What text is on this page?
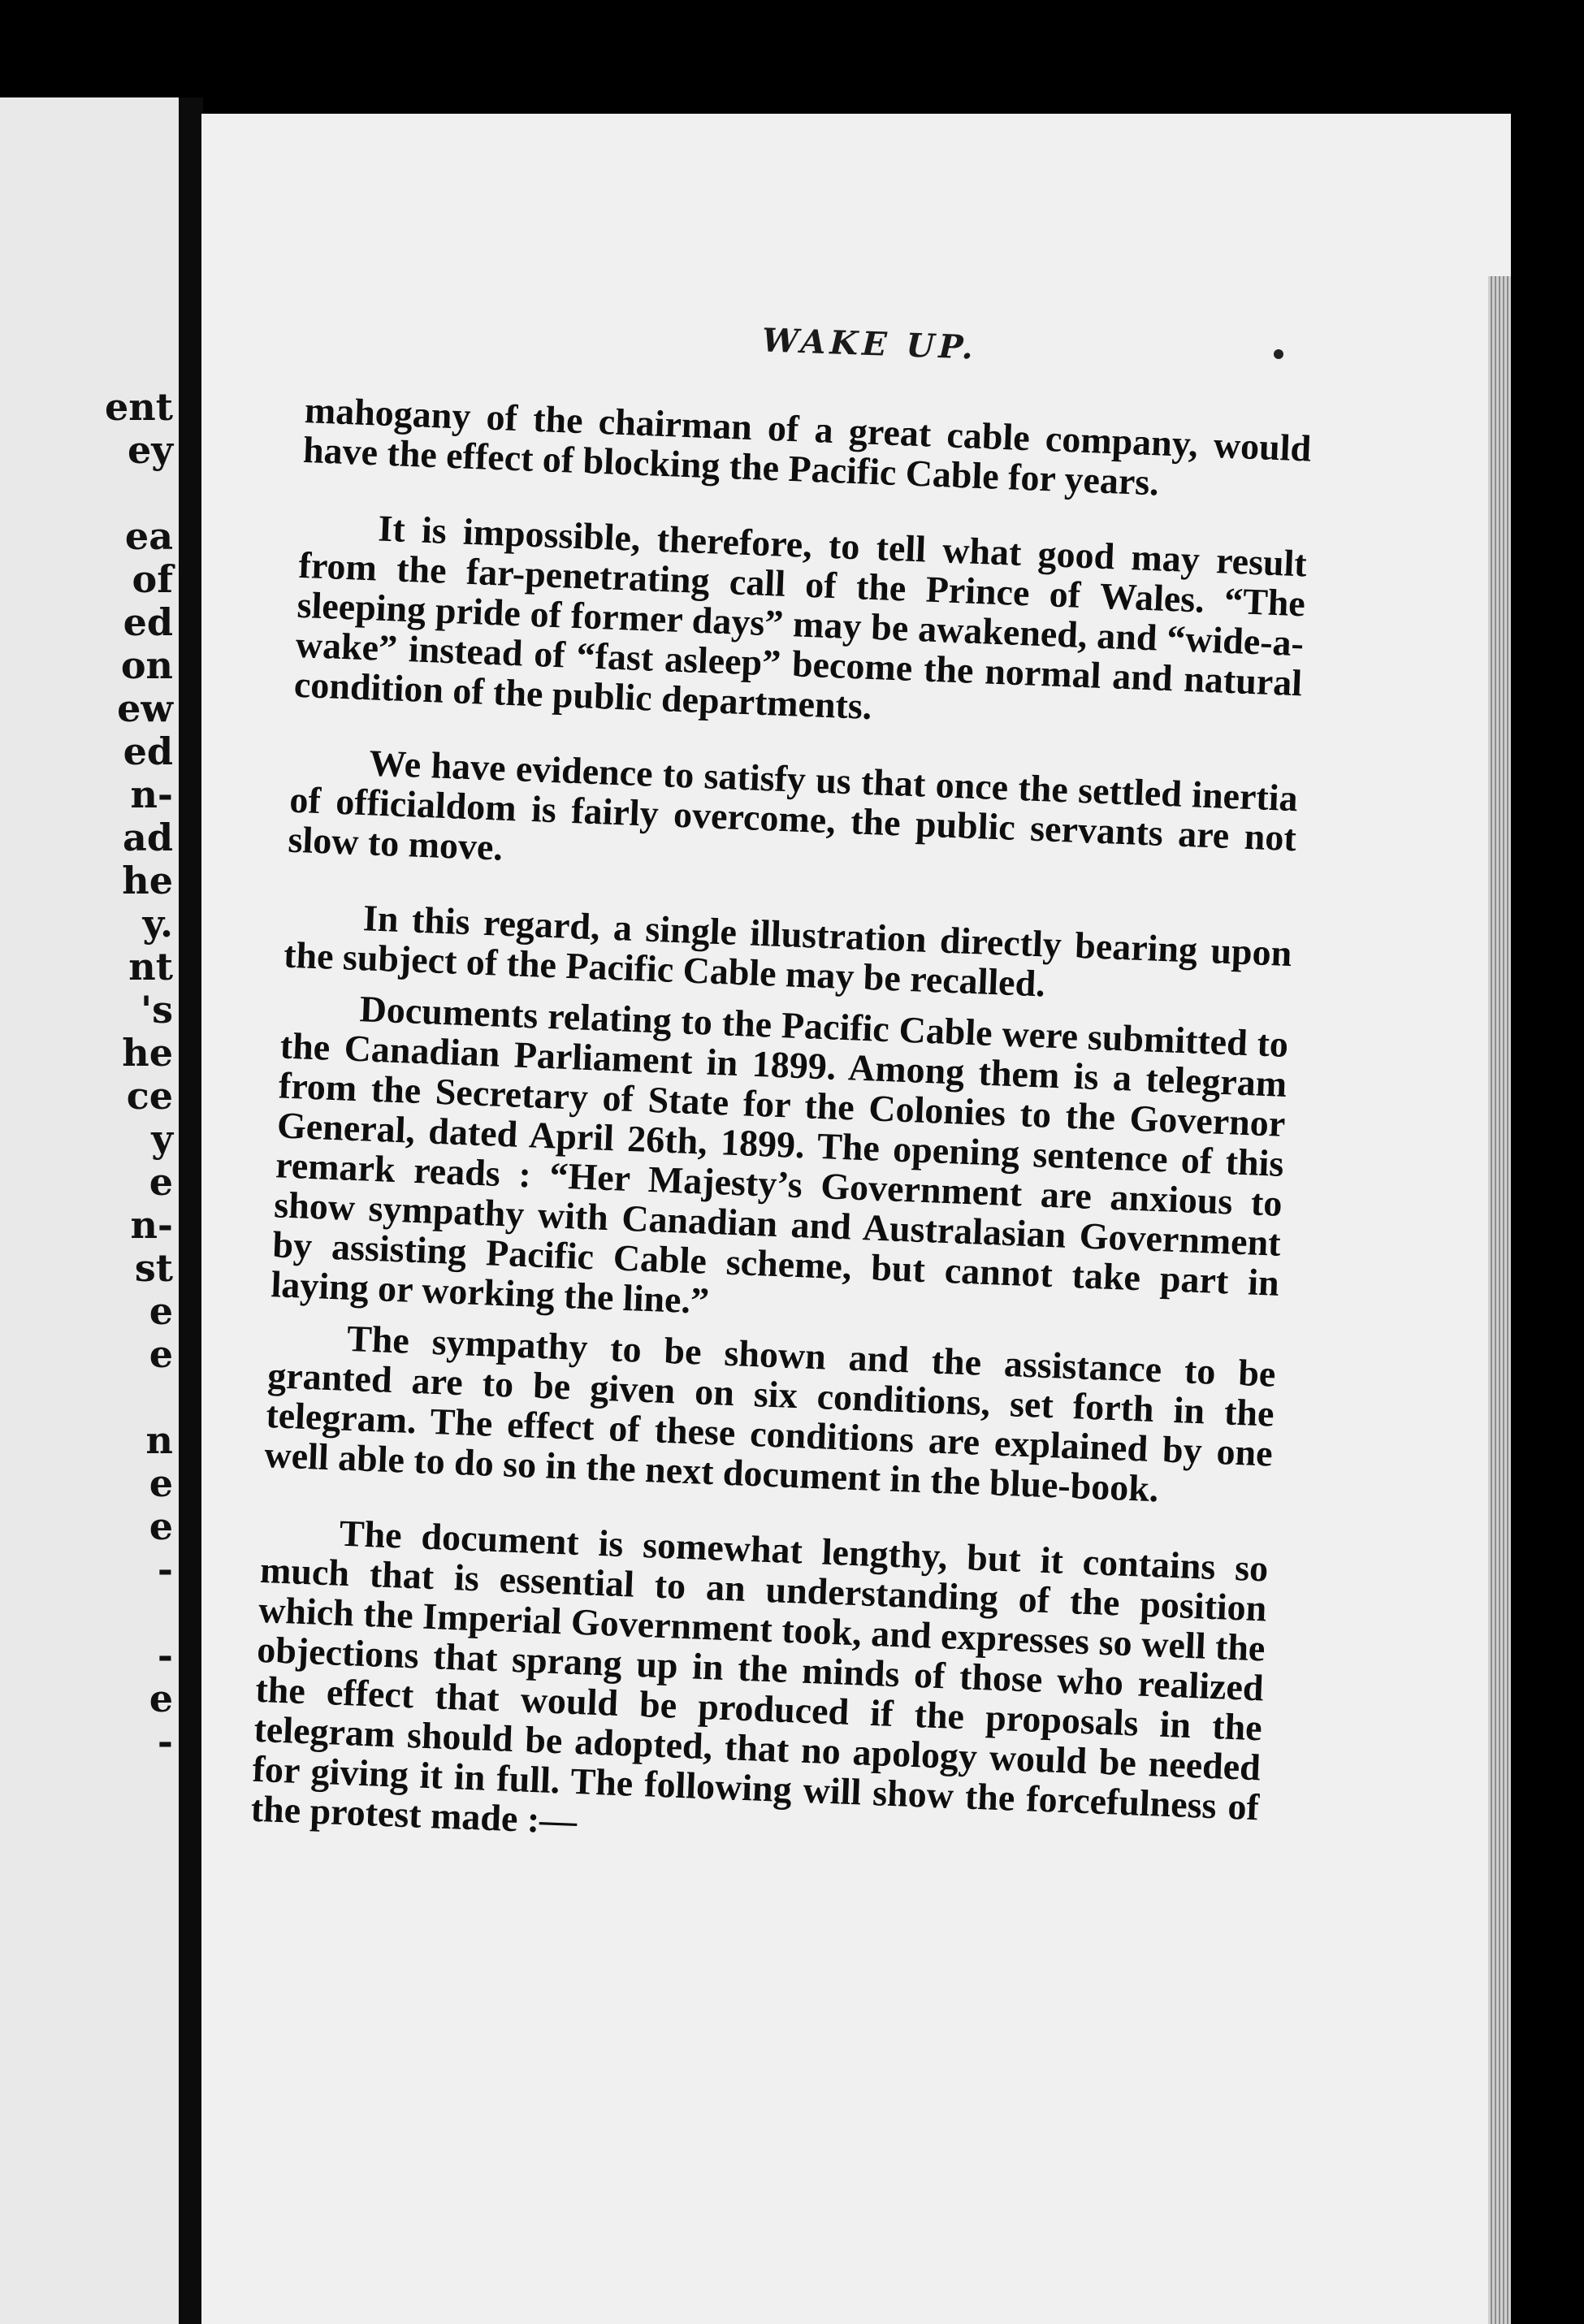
ent
ey
ea
of
ed
on
ew
ed
n-
ad
he
y.
nt
's
he
ce
y
e
n-
st
e
e
n
e
e
-
-
e
-
WAKE UP.

mahogany of the chairman of a great cable company, would have the effect of blocking the Pacific Cable for years.

It is impossible, therefore, to tell what good may result from the far-penetrating call of the Prince of Wales. “The sleeping pride of former days” may be awakened, and “wide-a-wake” instead of “fast asleep” become the normal and natural condition of the public departments.

We have evidence to satisfy us that once the settled inertia of officialdom is fairly overcome, the public servants are not slow to move.

In this regard, a single illustration directly bearing upon the subject of the Pacific Cable may be recalled.

Documents relating to the Pacific Cable were submitted to the Canadian Parliament in 1899. Among them is a telegram from the Secretary of State for the Colonies to the Governor General, dated April 26th, 1899. The opening sentence of this remark reads : “Her Majesty’s Government are anxious to show sympathy with Canadian and Australasian Government by assisting Pacific Cable scheme, but cannot take part in laying or working the line.”

The sympathy to be shown and the assistance to be granted are to be given on six conditions, set forth in the telegram. The effect of these conditions are explained by one well able to do so in the next document in the blue-book.

The document is somewhat lengthy, but it contains so much that is essential to an understanding of the position which the Imperial Government took, and expresses so well the objections that sprang up in the minds of those who realized the effect that would be produced if the proposals in the telegram should be adopted, that no apology would be needed for giving it in full. The following will show the forcefulness of the protest made :—
